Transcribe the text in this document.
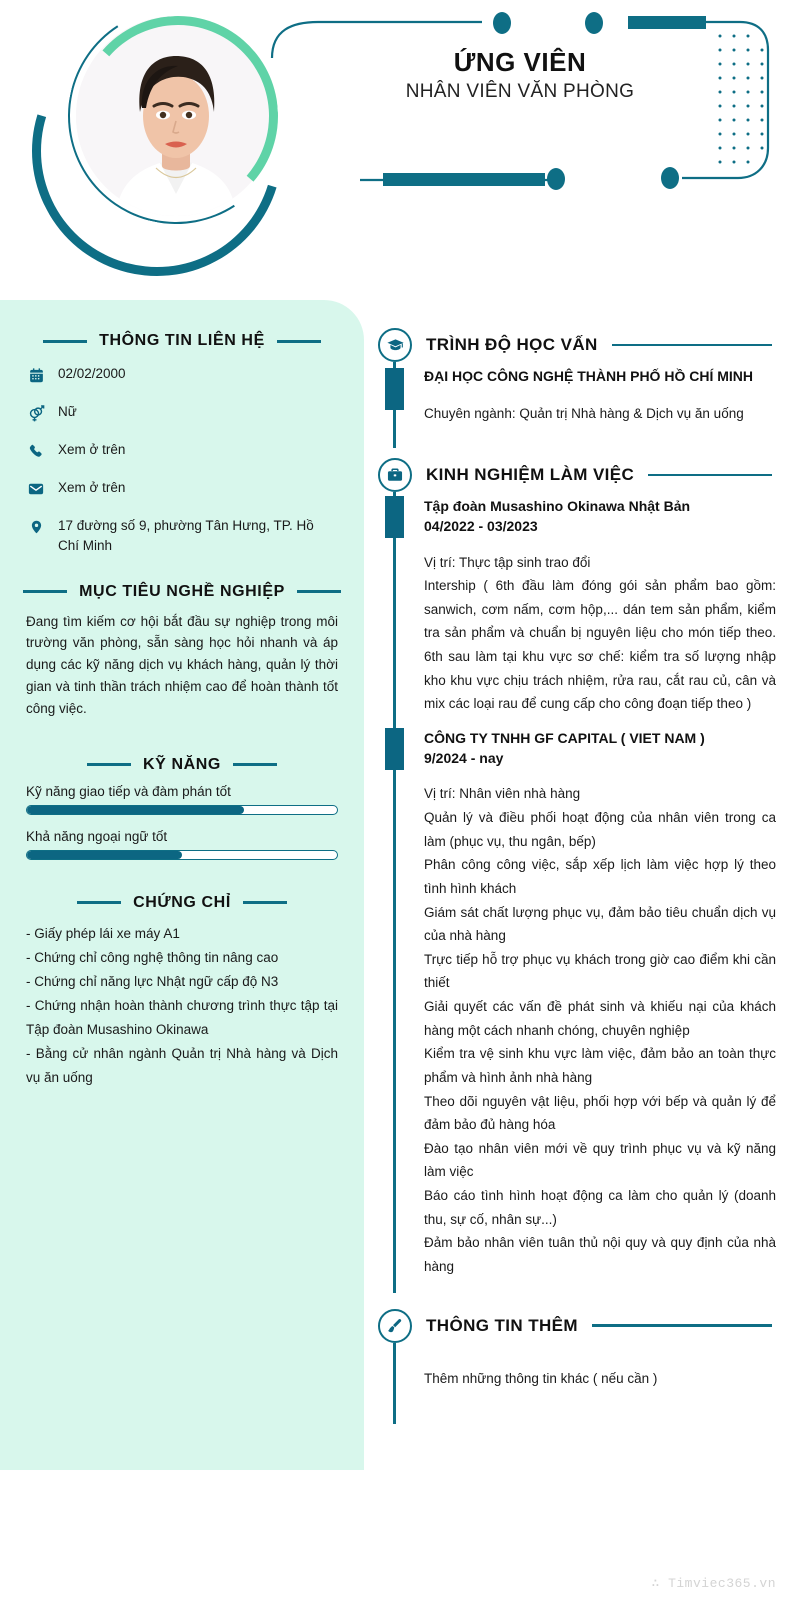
ỨNG VIÊN
NHÂN VIÊN VĂN PHÒNG
THÔNG TIN LIÊN HỆ
02/02/2000
Nữ
Xem ở trên
Xem ở trên
17 đường số 9, phường Tân Hưng, TP. Hồ Chí Minh
MỤC TIÊU NGHỀ NGHIỆP

Đang tìm kiếm cơ hội bắt đầu sự nghiệp trong môi trường văn phòng, sẵn sàng học hỏi nhanh và áp dụng các kỹ năng dịch vụ khách hàng, quản lý thời gian và tinh thần trách nhiệm cao để hoàn thành tốt công việc.

KỸ NĂNG
Kỹ năng giao tiếp và đàm phán tốt
Khả năng ngoại ngữ tốt
CHỨNG CHỈ
- Giấy phép lái xe máy A1
- Chứng chỉ công nghệ thông tin nâng cao
- Chứng chỉ năng lực Nhật ngữ cấp độ N3
- Chứng nhận hoàn thành chương trình thực tập tại Tập đoàn Musashino Okinawa
- Bằng cử nhân ngành Quản trị Nhà hàng và Dịch vụ ăn uống
TRÌNH ĐỘ HỌC VẤN
ĐẠI HỌC CÔNG NGHỆ THÀNH PHỐ HỒ CHÍ MINH
Chuyên ngành: Quản trị Nhà hàng & Dịch vụ ăn uống
KINH NGHIỆM LÀM VIỆC
Tập đoàn Musashino Okinawa Nhật Bản
04/2022 - 03/2023

Vị trí: Thực tập sinh trao đổi

Intership ( 6th đầu làm đóng gói sản phẩm bao gồm: sanwich, cơm nấm, cơm hộp,... dán tem sản phẩm, kiểm tra sản phẩm và chuẩn bị nguyên liệu cho món tiếp theo. 6th sau làm tại khu vực sơ chế: kiểm tra số lượng nhập kho khu vực chịu trách nhiệm, rửa rau, cắt rau củ, cân và mix các loại rau để cung cấp cho công đoạn tiếp theo )

CÔNG TY TNHH GF CAPITAL ( VIET NAM )
9/2024 - nay

Vị trí: Nhân viên nhà hàng

Quản lý và điều phối hoạt động của nhân viên trong ca làm (phục vụ, thu ngân, bếp)

Phân công công việc, sắp xếp lịch làm việc hợp lý theo tình hình khách

Giám sát chất lượng phục vụ, đảm bảo tiêu chuẩn dịch vụ của nhà hàng

Trực tiếp hỗ trợ phục vụ khách trong giờ cao điểm khi cần thiết

Giải quyết các vấn đề phát sinh và khiếu nại của khách hàng một cách nhanh chóng, chuyên nghiệp

Kiểm tra vệ sinh khu vực làm việc, đảm bảo an toàn thực phẩm và hình ảnh nhà hàng

Theo dõi nguyên vật liệu, phối hợp với bếp và quản lý để đảm bảo đủ hàng hóa

Đào tạo nhân viên mới về quy trình phục vụ và kỹ năng làm việc

Báo cáo tình hình hoạt động ca làm cho quản lý (doanh thu, sự cố, nhân sự...)

Đảm bảo nhân viên tuân thủ nội quy và quy định của nhà hàng

THÔNG TIN THÊM
Thêm những thông tin khác ( nếu cần )
∴ Timviec365.vn
